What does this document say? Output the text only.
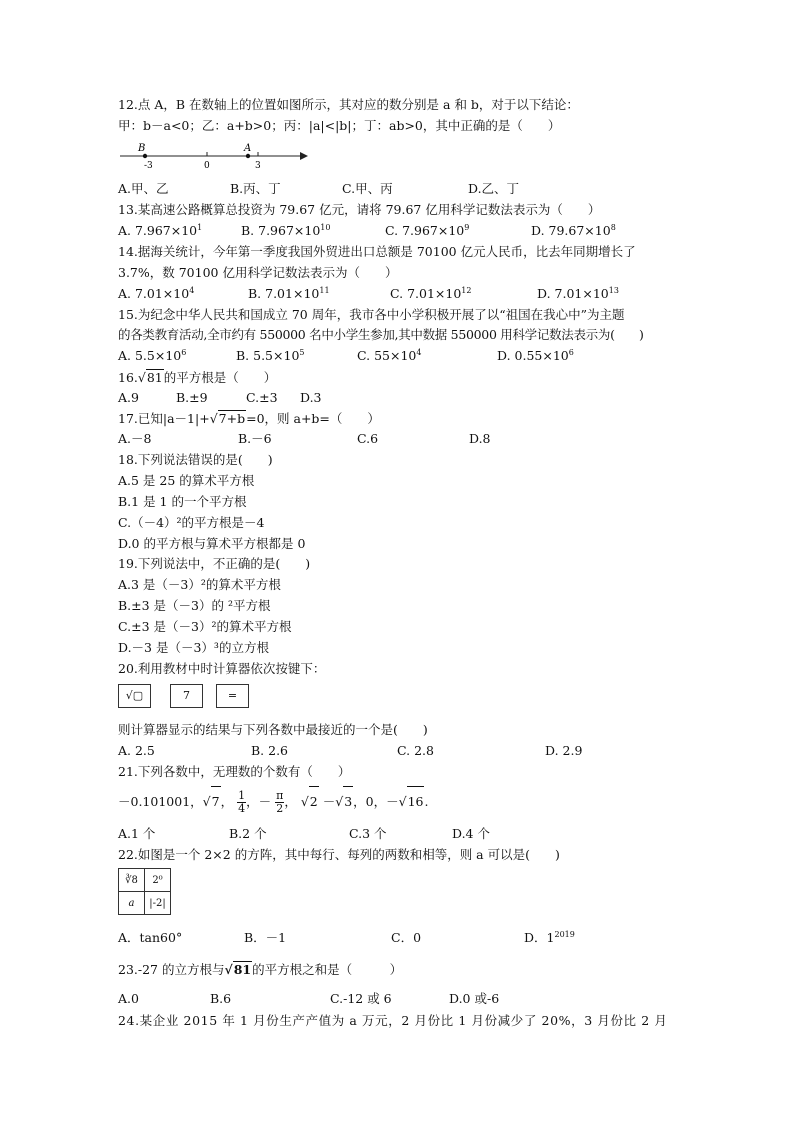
12.点 A，B 在数轴上的位置如图所示，其对应的数分别是 a 和 b，对于以下结论：
甲：b－a<0；乙：a+b>0；丙：|a|<|b|；丁：ab>0，其中正确的是（　　）
B	A
-3	0	3
A.甲、乙	B.丙、丁	C.甲、丙	D.乙、丁
13.某高速公路概算总投资为 79.67 亿元，请将 79.67 亿用科学记数法表示为（　　）
A. $7.967\times 10^1$	B. $7.967\times 10^{10}$	C. $7.967\times 10^9$	D. $79.67\times 10^8$
14.据海关统计，今年第一季度我国外贸进出口总额是 70100 亿元人民币，比去年同期增长了
3.7%，数 70100 亿用科学记数法表示为（　　）
A. $7.01\times 10^4$	B. $7.01\times 10^{11}$	C. $7.01\times 10^{12}$	D. $7.01\times 10^{13}$
15.为纪念中华人民共和国成立 70 周年，我市各中小学积极开展了以“祖国在我心中”为主题
的各类教育活动,全市约有 550000 名中小学生参加,其中数据 550000 用科学记数法表示为(　　)
A. $5.5\times 10^6$	B. $5.5\times 10^5$	C. $55\times 10^4$	D. $0.55\times 10^6$
16.√81的平方根是（　　）
A.9	B.±9	C.±3 D.3
17.已知|a－1|+√7+b=0，则 a+b=（　　）
A.－8	B.－6	C.6	D.8
18.下列说法错误的是(　　)
A.5 是 25 的算术平方根
B.1 是 1 的一个平方根
C.（－4）²的平方根是－4
D.0 的平方根与算术平方根都是 0
19.下列说法中，不正确的是(　　)
A.3 是（－3）²的算术平方根
B.±3 是（－3）的 ²平方根
C.±3 是（－3）²的算术平方根
D.－3 是（－3）³的立方根
20.利用教材中时计算器依次按键下：
√▢	7	=
则计算器显示的结果与下列各数中最接近的一个是(　　)
A. 2.5	B. 2.6	C. 2.8	D. 2.9
21.下列各数中，无理数的个数有（　　）
－0.101001，√7， $\frac{1}{4}$ ，－ $\frac{\pi}{2}$ ， √2 －√3，0，－√16.
A.1 个	B.2 个	C.3 个	D.4 个
22.如图是一个 2×2 的方阵，其中每行、每列的两数和相等，则 a 可以是(　　)
∛8	2⁰
a	|-2|
A．tan60°	B．－1	C．0	D．$1^{2019}$
23.-27 的立方根与√81的平方根之和是（　　　）
A.0	B.6	C.-12 或 6	D.0 或-6
24.某企业 2015 年 1 月份生产产值为 a 万元，2 月份比 1 月份减少了 20%，3 月份比 2 月
